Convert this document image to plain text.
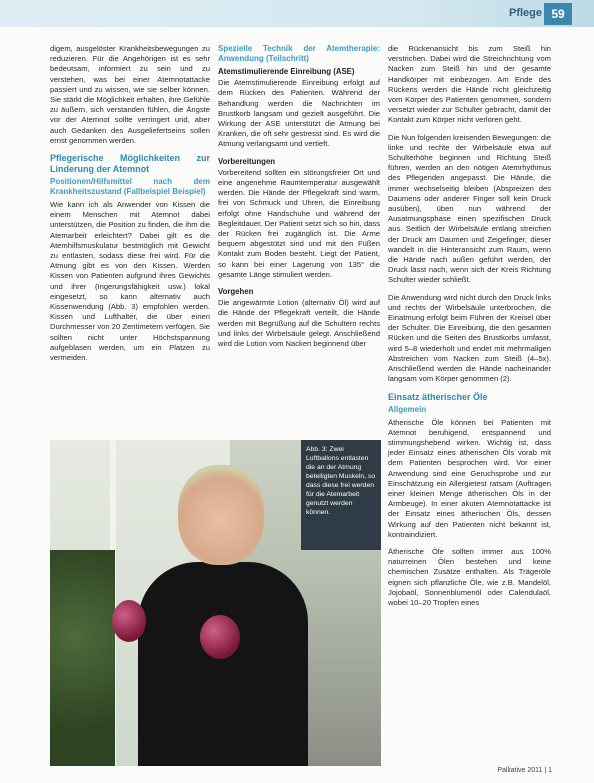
Pflege 59

digem, ausgelöster Krankheitsbewegungen zu reduzieren. Für die Angehörigen ist es sehr bedeutsam, informiert zu sein und zu verstehen, was bei einer Atemnotattacke passiert und zu wissen, wie sie selber können. Sie stärkt die Möglichkeit erhalten, ihre Gefühle zu äußern, sich verstanden fühlen, die Ängste vor der Atemnot sollte verringert und, aber auch Gedanken des Ausgeliefertseins sollen ernst genommen werden.

Pflegerische Möglichkeiten zur Linderung der Atemnot
Positionen/Hilfsmittel nach dem Krankheitszustand (Fallbeispiel Beispiel)

Wie kann ich als Anwender von Kissen die einem Menschen mit Atemnot dabei unterstützen, die Position zu finden, die ihm die Atemarbeit erleichtert? Dabei gilt es die Atemhilfsmuskulatur bestmöglich mit Gewicht zu entlasten, sodass diese frei wird. Für die Atmung gibt es von den Kissen. Werden Kissen von Patienten aufgrund ihres Gewichts und ihrer (Ingerungsfähigkeit usw.) lokal eingesetzt, so kann alternativ auch Kissenwendung (Abb. 3) empfohlen werden. Kissen und Lufthalter, die über einen Durchmesser von 20 Zentimetern verfügen. Sie sollten nicht unter Höchstspannung aufgeblasen werden, um ein Platzen zu vermeiden.

Spezielle Technik der Atemtherapie: Anwendung (Teilschritt)
Atemstimulierende Einreibung (ASE)

Die Atemstimulierende Einreibung erfolgt auf dem Rücken des Patienten. Während der Behandlung werden die Nachrichten im Brustkorb langsam und gezielt ausgeführt. Die Wirkung der ASE unterstützt die Atmung bei Kranken, die oft sehr gestresst sind. Es wird die Atmung verlangsamt und vertieft.

Vorbereitungen

Vorbereitend sollten ein störungsfreier Ort und eine angenehme Raumtemperatur ausgewählt werden. Die Hände der Pflegekraft sind warm, frei von Schmuck und Uhren, die Einreibung erfolgt ohne Handschuhe und während der Begleitdauer. Der Patient setzt sich so hin, dass der Rücken frei zugänglich ist. Die Arme bequem abgestützt sind und mit den Füßen Kontakt zum Boden besteht. Liegt der Patient, so kann bei einer Lagerung von 135° die gesamte Länge stimuliert werden.

Vorgehen

Die angewärmte Lotion (alternativ Öl) wird auf die Hände der Pflegekraft verteilt, die Hände werden mit Begrüßung auf die Schultern rechts und links der Wirbelsäule gelegt. Anschließend wird die Lotion vom Nacken beginnend über

die Rückenansicht bis zum Steiß hin verstrichen. Dabei wird die Streichrichtung vom Nacken zum Steiß hin und der gesamte Handkörper mit einbezogen. Am Ende des Rückens werden die Hände nicht gleichzeitig vom Körper des Patienten genommen, sondern versetzt wieder zur Schulter gebracht, damit der Kontakt zum Körper nicht verloren geht.

Die Nun folgenden kreisenden Bewegungen: die linke und rechte der Wirbelsäule etwa auf Schulterhöhe beginnen und Richtung Steiß führen, werden an den nötigen Atemrhythmus des Pflegenden angepasst. Die Hände, die immer wechselseitig bleiben (Abspreizen des Daumens oder anderer Finger soll kein Druck ausüben), üben nun während der Ausatmungsphase einen spezifischen Druck aus. Seitlich der Wirbelsäule entlang streichen der Druck am Daumen und Zeigefinger, dieser wandelt in die Hinteransicht zum Raum, wenn die Hände nach außen geführt werden, der Druck lässt nach, wenn sich der Kreis Richtung Schulter wieder schließt.

Die Anwendung wird nicht durch den Druck links und rechts der Wirbelsäule unterbrochen, die Einatmung erfolgt beim Führen der Kreisel über der Schulter. Die Einreibung, die den gesamten Rücken und die Seiten des Brustkorbs umfasst, wird 5–8 wiederholt und endet mit mehrmaligen Abstreichen vom Nacken zum Steiß (4–5x). Anschließend werden die Hände nacheinander langsam vom Körper genommen (2).

Einsatz ätherischer Öle
Allgemein

Ätherische Öle können bei Patienten mit Atemnot beruhigend, entspannend und stimmungshebend wirken. Wichtig ist, dass jeder Einsatz eines ätherischen Öls vorab mit dem Patienten besprochen wird. Vor einer Anwendung sind eine Geruchsprobe und zur Einschätzung ein Allergietest ratsam (Auftragen einer kleinen Menge ätherischen Öls in der Armbeuge). In einer akuten Atemnotattacke ist der Einsatz eines ätherischen Öls, dessen Wirkung auf den Patienten nicht bekannt ist, kontraindiziert.

Ätherische Öle sollten immer aus 100% naturreinen Ölen bestehen und keine chemischen Zusätze enthalten. Als Trägeröle eignen sich pflanzliche Öle, wie z.B. Mandelöl, Jojobaöl, Sonnenblumenöl oder Calendulaöl, wobei 10–20 Tropfen eines

Abb. 3: Zwei Luftballons entlasten die an der Atmung beteiligten Muskeln, so dass diese frei werden für die Atemarbeit genutzt werden können.
Palliative 2011 | 1
